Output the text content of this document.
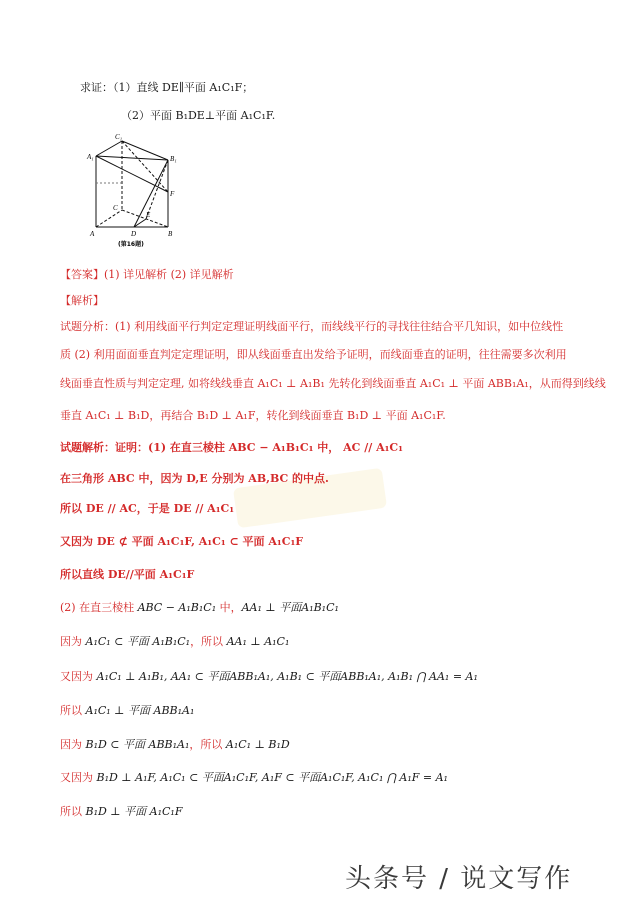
求证：（1）直线 DE∥平面 A₁C₁F；
（2）平面 B₁DE⊥平面 A₁C₁F.
C₁
A₁	B₁
F
C
E
A	D	B
(第16题)
【答案】(1) 详见解析 (2) 详见解析
【解析】
试题分析：(1) 利用线面平行判定定理证明线面平行，而线线平行的寻找往往结合平几知识，如中位线性
质 (2) 利用面面垂直判定定理证明，即从线面垂直出发给予证明，而线面垂直的证明，往往需要多次利用
线面垂直性质与判定定理, 如将线线垂直 A₁C₁ ⊥ A₁B₁ 先转化到线面垂直 A₁C₁ ⊥ 平面 ABB₁A₁，从而得到线线
垂直 A₁C₁ ⊥ B₁D，再结合 B₁D ⊥ A₁F，转化到线面垂直 B₁D ⊥ 平面 A₁C₁F.
试题解析：证明：(1) 在直三棱柱 ABC − A₁B₁C₁ 中， AC // A₁C₁
在三角形 ABC 中，因为 D,E 分别为 AB,BC 的中点.
所以 DE // AC，于是 DE // A₁C₁
又因为 DE ⊄ 平面 A₁C₁F, A₁C₁ ⊂ 平面 A₁C₁F
所以直线 DE//平面 A₁C₁F
(2) 在直三棱柱 ABC − A₁B₁C₁ 中，AA₁ ⊥ 平面A₁B₁C₁
因为 A₁C₁ ⊂ 平面 A₁B₁C₁，所以 AA₁ ⊥ A₁C₁
又因为 A₁C₁ ⊥ A₁B₁, AA₁ ⊂ 平面ABB₁A₁, A₁B₁ ⊂ 平面ABB₁A₁, A₁B₁ ⋂ AA₁ = A₁
所以 A₁C₁ ⊥ 平面 ABB₁A₁
因为 B₁D ⊂ 平面 ABB₁A₁，所以 A₁C₁ ⊥ B₁D
又因为 B₁D ⊥ A₁F, A₁C₁ ⊂ 平面A₁C₁F, A₁F ⊂ 平面A₁C₁F, A₁C₁ ⋂ A₁F = A₁
所以 B₁D ⊥ 平面 A₁C₁F
头条号 / 说文写作
